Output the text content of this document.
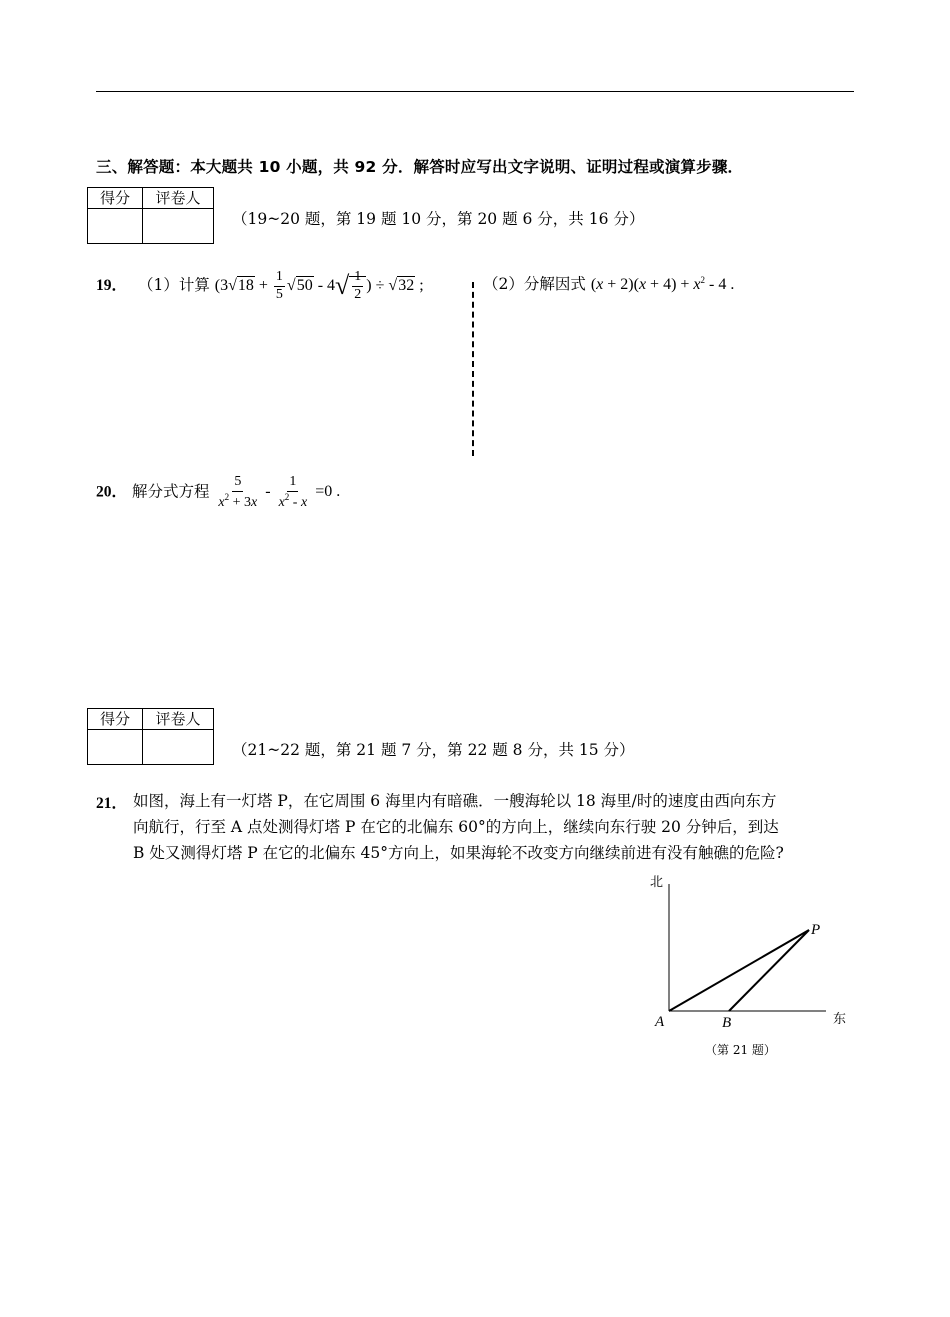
三、解答题：本大题共 10 小题，共 92 分．解答时应写出文字说明、证明过程或演算步骤．
得分	评卷人

（19~20 题，第 19 题 10 分，第 20 题 6 分，共 16 分）
19． （1）计算 ($3√18 + \frac{1}{5} √50 - 4√ \frac{1}{2}$ ) ÷ √32 ;	（2）分解因式 $(x + 2)(x + 4) + x^2 - 4$ .
20． 解分式方程 $\frac{5}{x^2 + 3x} - \frac{1}{x^2 - x} =0$ .
得分	评卷人

（21~22 题，第 21 题 7 分，第 22 题 8 分，共 15 分）
21． 如图，海上有一灯塔 P，在它周围 6 海里内有暗礁．一艘海轮以 18 海里/时的速度由西向东方
向航行，行至 A 点处测得灯塔 P 在它的北偏东 60°的方向上，继续向东行驶 20 分钟后，到达
B 处又测得灯塔 P 在它的北偏东 45°方向上，如果海轮不改变方向继续前进有没有触礁的危险?
北
东
A	B
P
（第 21 题）
